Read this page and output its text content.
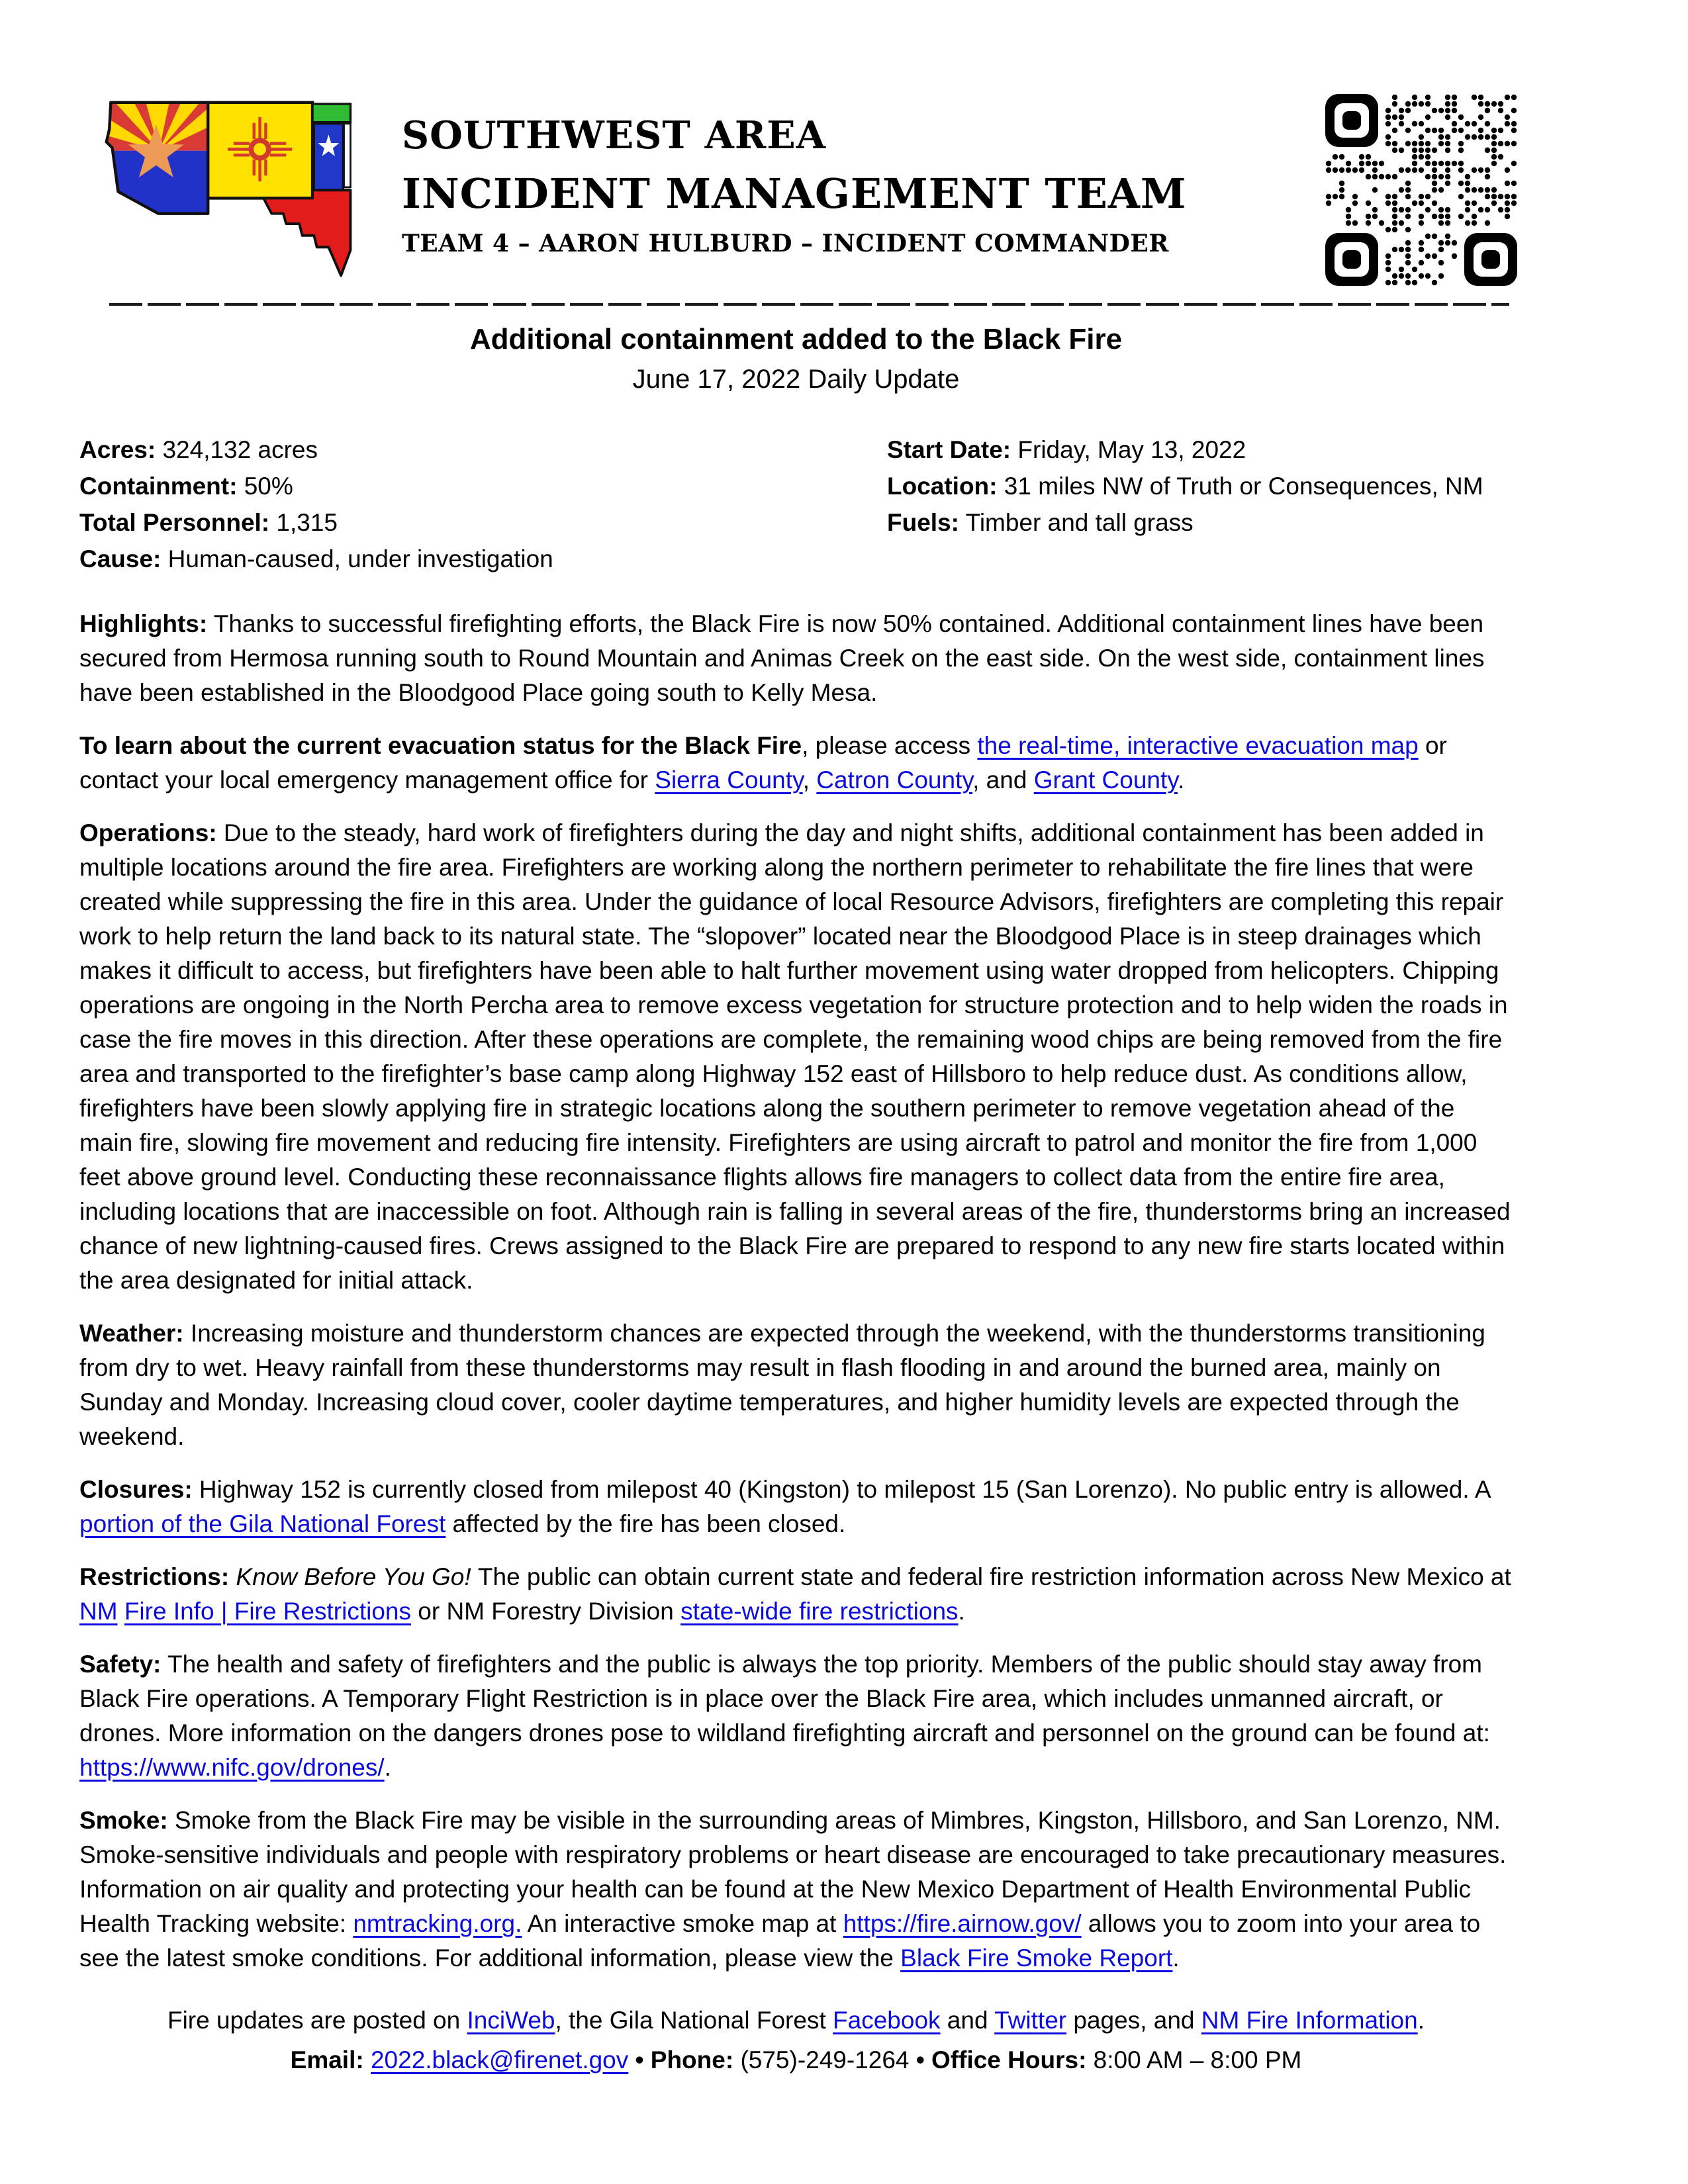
SOUTHWEST AREA
INCIDENT MANAGEMENT TEAM
TEAM 4 – AARON HULBURD – INCIDENT COMMANDER
Additional containment added to the Black Fire
June 17, 2022 Daily Update
Acres: 324,132 acres
Containment: 50%
Total Personnel: 1,315
Cause: Human-caused, under investigation
Start Date: Friday, May 13, 2022
Location: 31 miles NW of Truth or Consequences, NM
Fuels: Timber and tall grass

Highlights: Thanks to successful firefighting efforts, the Black Fire is now 50% contained. Additional containment lines have been secured from Hermosa running south to Round Mountain and Animas Creek on the east side. On the west side, containment lines have been established in the Bloodgood Place going south to Kelly Mesa.

To learn about the current evacuation status for the Black Fire, please access the real-time, interactive evacuation map or contact your local emergency management office for Sierra County, Catron County, and Grant County.

Operations: Due to the steady, hard work of firefighters during the day and night shifts, additional containment has been added in multiple locations around the fire area. Firefighters are working along the northern perimeter to rehabilitate the fire lines that were created while suppressing the fire in this area. Under the guidance of local Resource Advisors, firefighters are completing this repair work to help return the land back to its natural state. The “slopover” located near the Bloodgood Place is in steep drainages which makes it difficult to access, but firefighters have been able to halt further movement using water dropped from helicopters. Chipping operations are ongoing in the North Percha area to remove excess vegetation for structure protection and to help widen the roads in case the fire moves in this direction. After these operations are complete, the remaining wood chips are being removed from the fire area and transported to the firefighter’s base camp along Highway 152 east of Hillsboro to help reduce dust. As conditions allow, firefighters have been slowly applying fire in strategic locations along the southern perimeter to remove vegetation ahead of the main fire, slowing fire movement and reducing fire intensity. Firefighters are using aircraft to patrol and monitor the fire from 1,000 feet above ground level. Conducting these reconnaissance flights allows fire managers to collect data from the entire fire area, including locations that are inaccessible on foot. Although rain is falling in several areas of the fire, thunderstorms bring an increased chance of new lightning-caused fires. Crews assigned to the Black Fire are prepared to respond to any new fire starts located within the area designated for initial attack.

Weather: Increasing moisture and thunderstorm chances are expected through the weekend, with the thunderstorms transitioning from dry to wet. Heavy rainfall from these thunderstorms may result in flash flooding in and around the burned area, mainly on Sunday and Monday. Increasing cloud cover, cooler daytime temperatures, and higher humidity levels are expected through the weekend.

Closures: Highway 152 is currently closed from milepost 40 (Kingston) to milepost 15 (San Lorenzo). No public entry is allowed. A portion of the Gila National Forest affected by the fire has been closed.

Restrictions: Know Before You Go! The public can obtain current state and federal fire restriction information across New Mexico at NM Fire Info | Fire Restrictions or NM Forestry Division state-wide fire restrictions.

Safety: The health and safety of firefighters and the public is always the top priority. Members of the public should stay away from Black Fire operations. A Temporary Flight Restriction is in place over the Black Fire area, which includes unmanned aircraft, or drones. More information on the dangers drones pose to wildland firefighting aircraft and personnel on the ground can be found at: https://www.nifc.gov/drones/.

Smoke: Smoke from the Black Fire may be visible in the surrounding areas of Mimbres, Kingston, Hillsboro, and San Lorenzo, NM. Smoke-sensitive individuals and people with respiratory problems or heart disease are encouraged to take precautionary measures. Information on air quality and protecting your health can be found at the New Mexico Department of Health Environmental Public Health Tracking website: nmtracking.org. An interactive smoke map at https://fire.airnow.gov/ allows you to zoom into your area to see the latest smoke conditions. For additional information, please view the Black Fire Smoke Report.

Fire updates are posted on InciWeb, the Gila National Forest Facebook and Twitter pages, and NM Fire Information.
Email: 2022.black@firenet.gov • Phone: (575)-249-1264 • Office Hours: 8:00 AM – 8:00 PM
